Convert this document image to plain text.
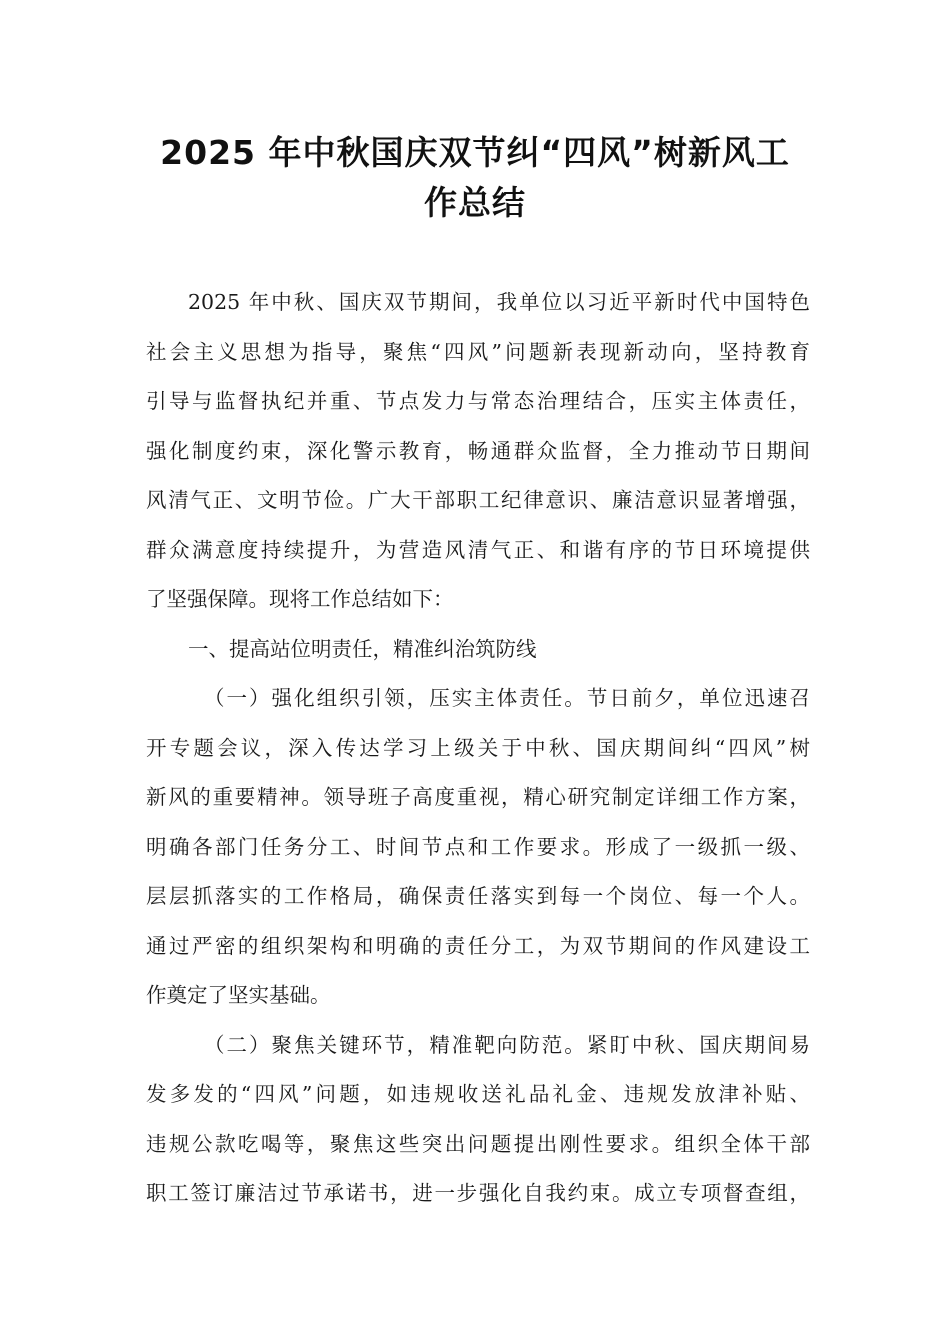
2025 年中秋国庆双节纠“四风”树新风工
作总结
2025 年中秋、国庆双节期间，我单位以习近平新时代中国特色
社会主义思想为指导，聚焦“四风”问题新表现新动向，坚持教育
引导与监督执纪并重、节点发力与常态治理结合，压实主体责任，
强化制度约束，深化警示教育，畅通群众监督，全力推动节日期间
风清气正、文明节俭。广大干部职工纪律意识、廉洁意识显著增强，
群众满意度持续提升，为营造风清气正、和谐有序的节日环境提供
了坚强保障。现将工作总结如下：
一、提高站位明责任，精准纠治筑防线
（一）强化组织引领，压实主体责任。节日前夕，单位迅速召
开专题会议，深入传达学习上级关于中秋、国庆期间纠“四风”树
新风的重要精神。领导班子高度重视，精心研究制定详细工作方案，
明确各部门任务分工、时间节点和工作要求。形成了一级抓一级、
层层抓落实的工作格局，确保责任落实到每一个岗位、每一个人。
通过严密的组织架构和明确的责任分工，为双节期间的作风建设工
作奠定了坚实基础。
（二）聚焦关键环节，精准靶向防范。紧盯中秋、国庆期间易
发多发的“四风”问题，如违规收送礼品礼金、违规发放津补贴、
违规公款吃喝等，聚焦这些突出问题提出刚性要求。组织全体干部
职工签订廉洁过节承诺书，进一步强化自我约束。成立专项督查组，
